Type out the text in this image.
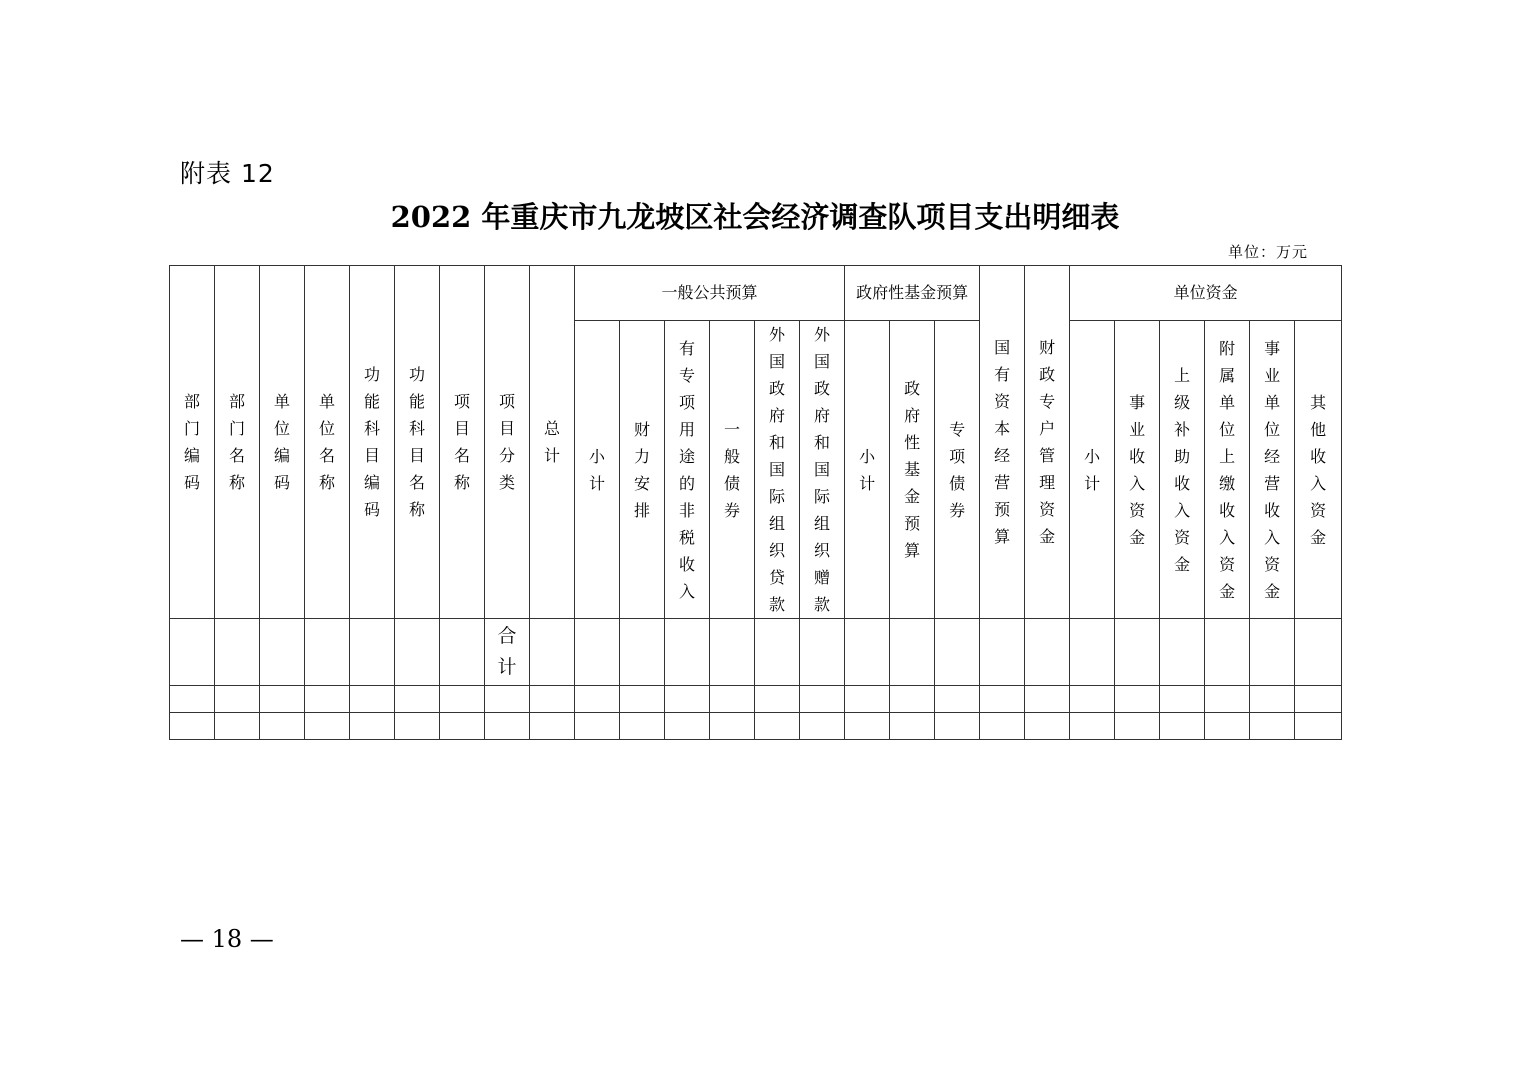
附表 12
2022 年重庆市九龙坡区社会经济调查队项目支出明细表
单位：万元
部门编码	部门名称	单位编码	单位名称	功能科目编码	功能科目名称	项目名称	项目分类	总计	一般公共预算						政府性基金预算			国有资本经营预算	财政专户管理资金	单位资金					
									小计	财力安排	有专项用途的非税收入	一般债券	外国政府和国际组织贷款	外国政府和国际组织赠款	小计	政府性基金预算	专项债券			小计	事业收入资金	上级补助收入资金	附属单位上缴收入资金	事业单位经营收入资金	其他收入资金
							合计																		

— 18 —
